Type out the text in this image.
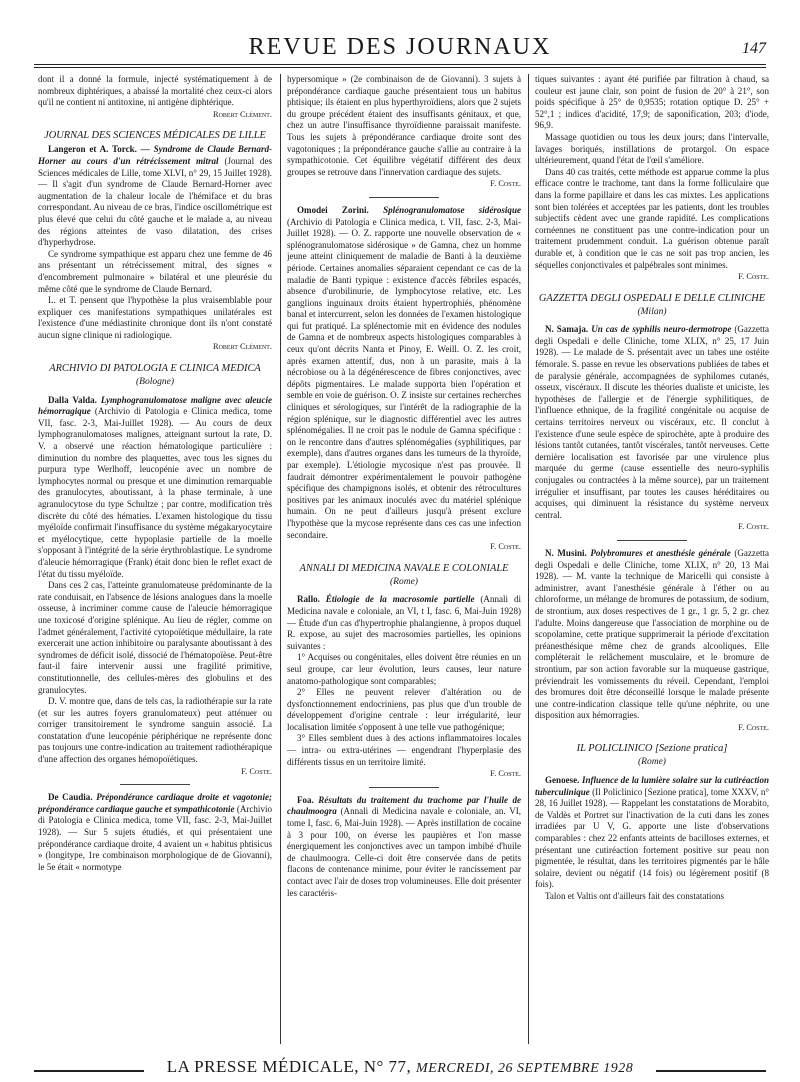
REVUE DES JOURNAUX	147

dont il a donné la formule, injecté systématiquement à de nombreux diphtériques, a abaissé la mortalité chez ceux-ci alors qu'il ne contient ni antitoxine, ni antigène diphtérique.

Robert Clément.

JOURNAL DES SCIENCES MÉDICALES DE LILLE

Langeron et A. Torck. — Syndrome de Claude Bernard-Horner au cours d'un rétrécissement mitral (Journal des Sciences médicales de Lille, tome XLVI, n° 29, 15 Juillet 1928). — Il s'agit d'un syndrome de Claude Bernard-Horner avec augmentation de la chaleur locale de l'hémiface et du bras correspondant. Au niveau de ce bras, l'indice oscillométrique est plus élevé que celui du côté gauche et le malade a, au niveau des régions atteintes de vaso dilatation, des crises d'hyperhydrose.

Ce syndrome sympathique est apparu chez une femme de 46 ans présentant un rétrécissement mitral, des signes « d'encombrement pulmonaire » bilatéral et une pleurésie du même côté que le syndrome de Claude Bernard.

L. et T. pensent que l'hypothèse la plus vraisemblable pour expliquer ces manifestations sympathiques unilatérales est l'existence d'une médiastinite chronique dont ils n'ont constaté aucun signe clinique ni radiologique.

Robert Clément.

ARCHIVIO DI PATOLOGIA E CLINICA MEDICA
(Bologne)

Dalla Valda. Lymphogranulomatose maligne avec aleucie hémorragique (Archivio di Patologia e Clinica medica, tome VII, fasc. 2-3, Mai-Juillet 1928). — Au cours de deux lymphogranulomatoses malignes, atteignant surtout la rate, D. V. a observé une réaction hématologique particulière : diminution du nombre des plaquettes, avec tous les signes du purpura type Werlhoff, leucopénie avec un nombre de lymphocytes normal ou presque et une diminution remarquable des granulocytes, aboutissant, à la phase terminale, à une agranulocytose du type Schultze ; par contre, modification très discrète du côté des hématies. L'examen histologique du tissu myéloïde confirmait l'insuffisance du système mégakaryocytaire et myélocytique, cette hypoplasie partielle de la moelle s'opposant à l'intégrité de la série érythroblastique. Le syndrome d'aleucie hémorragique (Frank) était donc bien le reflet exact de l'état du tissu myéloïde.

Dans ces 2 cas, l'atteinte granulomateuse prédominante de la rate conduisait, en l'absence de lésions analogues dans la moelle osseuse, à incriminer comme cause de l'aleucie hémorragique une toxicosé d'origine splénique. Au lieu de régler, comme on l'admet généralement, l'activité cytopoïétique médullaire, la rate exercerait une action inhibitoire ou paralysante aboutissant à des syndromes de déficit isolé, dissocié de l'hématopoïèse. Peut-être faut-il faire intervenir aussi une fragilité primitive, constitutionnelle, des cellules-mères des globulins et des granulocytes.

D. V. montre que, dans de tels cas, la radiothérapie sur la rate (et sur les autres foyers granulomateux) peut atténuer ou corriger transitoirement le syndrome sanguin associé. La constatation d'une leucopénie périphérique ne représente donc pas toujours une contre-indication au traitement radiothérapique d'une affection des organes hémopoïétiques.

F. Coste.

De Caudia. Prépondérance cardiaque droite et vagotonie; prépondérance cardiaque gauche et sympathicotonie (Archivio di Patologia e Clinica medica, tome VII, fasc. 2-3, Mai-Juillet 1928). — Sur 5 sujets étudiés, et qui présentaient une prépondérance cardiaque droite, 4 avaient un « habitus phtisicus » (longitype, 1re combinaison morphologique de de Giovanni), le 5e était « normotype

hypersomique » (2e combinaison de de Giovanni). 3 sujets à prépondérance cardiaque gauche présentaient tous un habitus phtisique; ils étaient en plus hyperthyroïdiens, alors que 2 sujets du groupe précédent étaient des insuffisants génitaux, et que, chez un autre l'insuffisance thyroïdienne paraissait manifeste. Tous les sujets à prépondérance cardiaque droite sont des vagotoniques ; la prépondérance gauche s'allie au contraire à la sympathicotonie. Cet équilibre végétatif différent des deux groupes se retrouve dans l'innervation cardiaque des sujets.

F. Coste.

Omodei Zorini. Splénogranulomatose sidérosique (Archivio di Patologia e Clinica medica, t. VII, fasc. 2-3, Mai-Juillet 1928). — O. Z. rapporte une nouvelle observation de « splénogranulomatose sidérosique » de Gamna, chez un homme jeune atteint cliniquement de maladie de Banti à la deuxième période. Certaines anomalies séparaient cependant ce cas de la maladie de Banti typique : existence d'accès fébriles espacés, absence d'urobilinurie, de lymphocytose relative, etc. Les ganglions inguinaux droits étaient hypertrophiés, phénomène banal et intercurrent, selon les données de l'examen histologique qui fut pratiqué. La splénectomie mit en évidence des nodules de Gamna et de nombreux aspects histologiques comparables à ceux qu'ont décrits Nanta et Pinoy, E. Weill. O. Z. les croit, après examen attentif, dus, non à un parasite, mais à la nécrobiose ou à la dégénérescence de fibres conjonctives, avec dépôts pigmentaires. Le malade supporta bien l'opération et semble en voie de guérison. O. Z insiste sur certaines recherches cliniques et sérologiques, sur l'intérêt de la radiographie de la région splénique, sur le diagnostic différentiel avec les autres splénomégalies. Il ne croit pas le nodule de Gamna spécifique : on le rencontre dans d'autres splénomégalies (syphilitiques, par exemple), dans d'autres organes dans les tumeurs de la thyroïde, par exemple). L'étiologie mycosique n'est pas prouvée. Il faudrait démontrer expérimentalement le pouvoir pathogène spécifique des champignons isolés, et obtenir des rétrocultures positives par les animaux inoculés avec du matériel splénique humain. On ne peut d'ailleurs jusqu'à présent exclure l'hypothèse que la mycose représente dans ces cas une infection secondaire.

F. Coste.

ANNALI DI MEDICINA NAVALE E COLONIALE
(Rome)

Rallo. Étiologie de la macrosomie partielle (Annali di Medicina navale e coloniale, an VI, t I, fasc. 6, Mai-Juin 1928) — Étude d'un cas d'hypertrophie phalangienne, à propos duquel R. expose, au sujet des macrosomies partielles, les opinions suivantes :

1° Acquises ou congénitales, elles doivent être réunies en un seul groupe, car leur évolution, leurs causes, leur nature anatomo-pathologique sont comparables;

2° Elles ne peuvent relever d'altération ou de dysfonctionnement endocriniens, pas plus que d'un trouble de développement d'origine centrale : leur irrégularité, leur localisation limitée s'opposent à une telle vue pathogénique;

3° Elles semblent dues à des actions inflammatoires locales — intra- ou extra-utérines — engendrant l'hyperplasie des différents tissus en un territoire limité.

F. Coste.

Foa. Résultats du traitement du trachome par l'huile de chaulmoogra (Annali di Medicina navale e coloniale, an. VI, tome I, fasc. 6, Mai-Juin 1928). — Après instillation de cocaïne à 3 pour 100, on éverse les paupières et l'on masse énergiquement les conjonctives avec un tampon imbibé d'huile de chaulmoogra. Celle-ci doit être conservée dans de petits flacons de contenance minime, pour éviter le rancissement par contact avec l'air de doses trop volumineuses. Elle doit présenter les caractéris-

tiques suivantes : ayant été purifiée par filtration à chaud, sa couleur est jaune clair, son point de fusion de 20° à 21°, son poids spécifique à 25° de 0,9535; rotation optique D. 25° + 52°,1 ; indices d'acidité, 17,9; de saponification, 203; d'iode, 96,9.

Massage quotidien ou tous les deux jours; dans l'intervalle, lavages boriqués, instillations de protargol. On espace ultérieurement, quand l'état de l'œil s'améliore.

Dans 40 cas traités, cette méthode est apparue comme la plus efficace contre le trachome, tant dans la forme folliculaire que dans la forme papillaire et dans les cas mixtes. Les applications sont bien tolérées et acceptées par les patients, dont les troubles subjectifs cèdent avec une grande rapidité. Les complications cornéennes ne constituent pas une contre-indication pour un traitement prudemment conduit. La guérison obtenue paraît durable et, à condition que le cas ne soit pas trop ancien, les séquelles conjonctivales et palpébrales sont minimes.

F. Coste.

GAZZETTA DEGLI OSPEDALI E DELLE CLINICHE
(Milan)

N. Samaja. Un cas de syphilis neuro-dermotrope (Gazzetta degli Ospedali e delle Cliniche, tome XLIX, n° 25, 17 Juin 1928). — Le malade de S. présentait avec un tabes une ostéite fémorale. S. passe en revue les observations publiées de tabes et de paralysie générale, accompagnées de syphilomes cutanés, osseux, viscéraux. Il discute les théories dualiste et uniciste, les hypothèses de l'allergie et de l'énergie syphilitiques, de l'influence ethnique, de la fragilité congénitale ou acquise de certains territoires nerveux ou viscéraux, etc. Il conclut à l'existence d'une seule espèce de spirochète, apte à produire des lésions tantôt cutanées, tantôt viscérales, tantôt nerveuses. Cette dernière localisation est favorisée par une virulence plus marquée du germe (cause essentielle des neuro-syphilis conjugales ou contractées à la même source), par un traitement irrégulier et insuffisant, par toutes les causes héréditaires ou acquises, qui diminuent la résistance du système nerveux central.

F. Coste.

N. Musini. Polybromures et anesthésie générale (Gazzetta degli Ospedali e delle Cliniche, tome XLIX, n° 20, 13 Mai 1928). — M. vante la technique de Maricelli qui consiste à administrer, avant l'anesthésie générale à l'éther ou au chloroforme, un mélange de bromures de potassium, de sodium, de strontium, aux doses respectives de 1 gr., 1 gr. 5, 2 gr. chez l'adulte. Moins dangereuse que l'association de morphine ou de scopolamine, cette pratique supprimerait la période d'excitation préanesthésique même chez de grands alcooliques. Elle compléterait le relâchement musculaire, et le bromure de strontium, par son action favorable sur la muqueuse gastrique, préviendrait les vomissements du réveil. Cependant, l'emploi des bromures doit être déconseillé lorsque le malade présente une contre-indication classique telle qu'une néphrite, ou une disposition aux hémorragies.

F. Coste.

IL POLICLINICO [Sezione pratica]
(Rome)

Genoese. Influence de la lumière solaire sur la cutiréaction tuberculinique (Il Policlinico [Sezione pratica], tome XXXV, n° 28, 16 Juillet 1928). — Rappelant les constatations de Morabito, de Valdès et Portret sur l'inactivation de la cuti dans les zones irradiées par U V, G. apporte une liste d'observations comparables : chez 22 enfants atteints de bacilloses externes, et présentant une cutiréaction fortement positive sur peau non pigmentée, le résultat, dans les territoires pigmentés par le hâle solaire, devient ou négatif (14 fois) ou légèrement positif (8 fois).

Talon et Valtis ont d'ailleurs fait des constatations

LA PRESSE MÉDICALE, N° 77, MERCREDI, 26 SEPTEMBRE 1928
